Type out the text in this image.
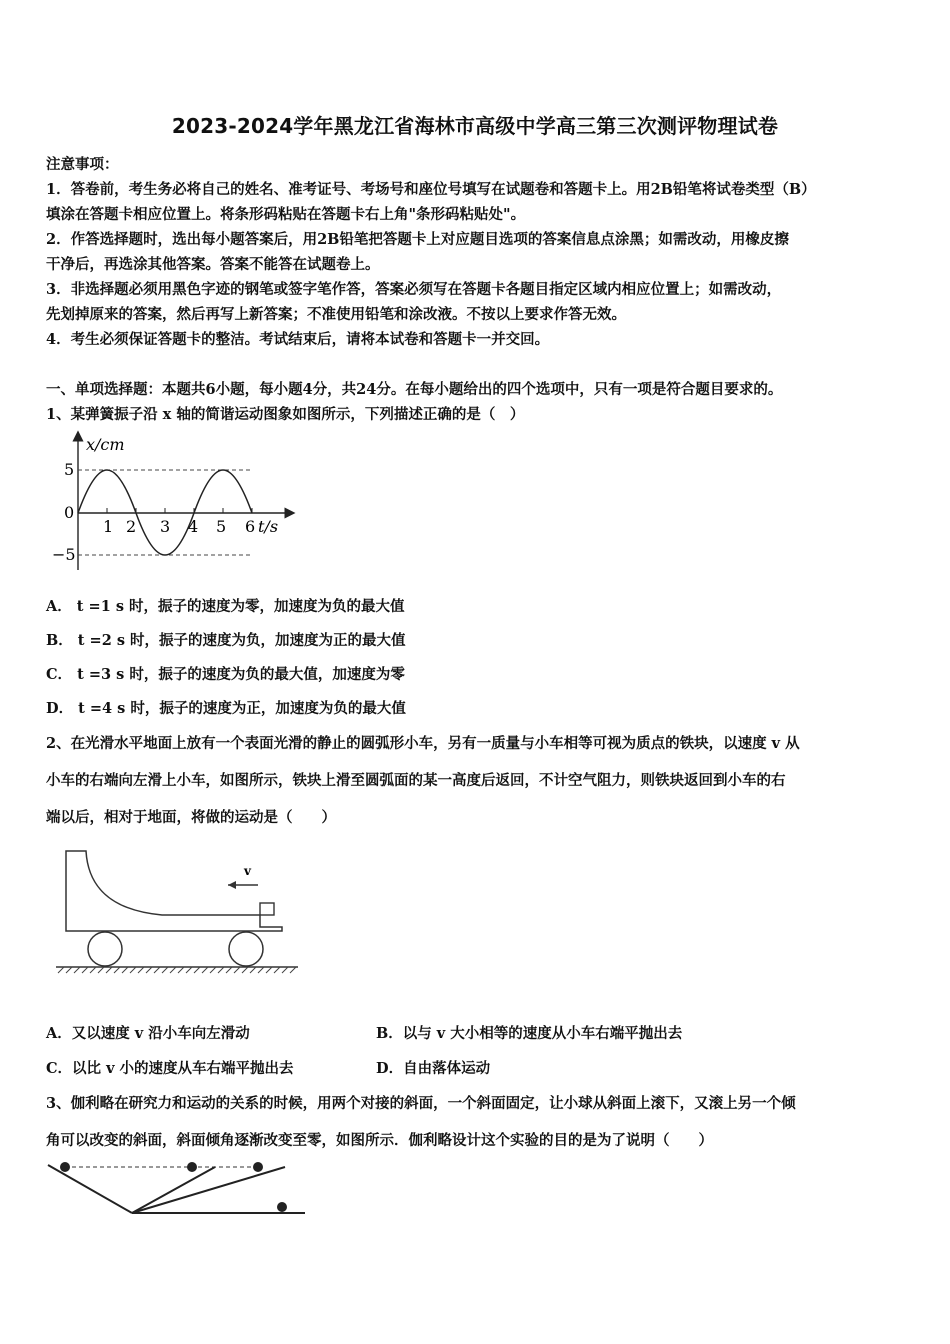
2023-2024学年黑龙江省海林市高级中学高三第三次测评物理试卷
注意事项：
1．答卷前，考生务必将自己的姓名、准考证号、考场号和座位号填写在试题卷和答题卡上。用2B铅笔将试卷类型（B）
填涂在答题卡相应位置上。将条形码粘贴在答题卡右上角"条形码粘贴处"。
2．作答选择题时，选出每小题答案后，用2B铅笔把答题卡上对应题目选项的答案信息点涂黑；如需改动，用橡皮擦
干净后，再选涂其他答案。答案不能答在试题卷上。
3．非选择题必须用黑色字迹的钢笔或签字笔作答，答案必须写在答题卡各题目指定区域内相应位置上；如需改动，
先划掉原来的答案，然后再写上新答案；不准使用铅笔和涂改液。不按以上要求作答无效。
4．考生必须保证答题卡的整洁。考试结束后，请将本试卷和答题卡一并交回。
一、单项选择题：本题共6小题，每小题4分，共24分。在每小题给出的四个选项中，只有一项是符合题目要求的。
1、某弹簧振子沿 x 轴的简谐运动图象如图所示，下列描述正确的是（　）
x/cm
t/s
5
0
−5
1 2 3 4 5 6
A． t =1 s 时，振子的速度为零，加速度为负的最大值
B． t =2 s 时，振子的速度为负，加速度为正的最大值
C． t =3 s 时，振子的速度为负的最大值，加速度为零
D． t =4 s 时，振子的速度为正，加速度为负的最大值
2、在光滑水平地面上放有一个表面光滑的静止的圆弧形小车，另有一质量与小车相等可视为质点的铁块，以速度 v 从
小车的右端向左滑上小车，如图所示，铁块上滑至圆弧面的某一高度后返回，不计空气阻力，则铁块返回到小车的右
端以后，相对于地面，将做的运动是（　　）
v
A．又以速度 v 沿小车向左滑动	B．以与 v 大小相等的速度从小车右端平抛出去
C．以比 v 小的速度从车右端平抛出去	D．自由落体运动
3、伽利略在研究力和运动的关系的时候，用两个对接的斜面，一个斜面固定，让小球从斜面上滚下，又滚上另一个倾
角可以改变的斜面，斜面倾角逐渐改变至零，如图所示．伽利略设计这个实验的目的是为了说明（　　）
